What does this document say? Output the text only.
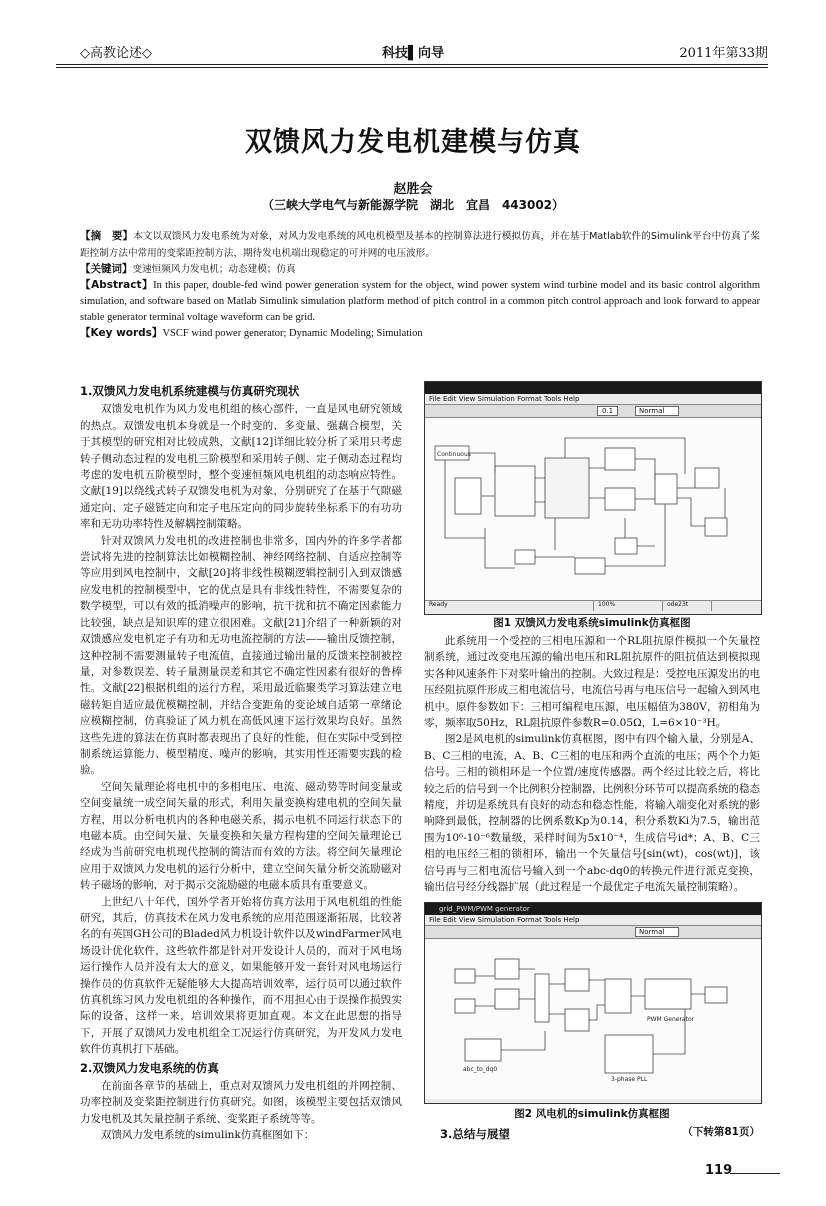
◇高教论述◇	科技▌向导	2011年第33期
双馈风力发电机建模与仿真
赵胜会
（三峡大学电气与新能源学院　湖北　宜昌　443002）
【摘　要】本文以双馈风力发电系统为对象，对风力发电系统的风电机模型及基本的控制算法进行模拟仿真，并在基于Matlab软件的Simulink平台中仿真了桨距控制方法中常用的变桨距控制方法，期待发电机端出现稳定的可并网的电压波形。
【关键词】变速恒频风力发电机；动态建模；仿真
【Abstract】In this paper, double-fed wind power generation system for the object, wind power system wind turbine model and its basic control algorithm simulation, and software based on Matlab Simulink simulation platform method of pitch control in a common pitch control approach and look forward to appear stable generator terminal voltage waveform can be grid.
【Key words】VSCF wind power generator; Dynamic Modeling; Simulation
1.双馈风力发电机系统建模与仿真研究现状

双馈发电机作为风力发电机组的核心部件，一直是风电研究领域的热点。双馈发电机本身就是一个时变的、多变量、强藕合模型，关于其模型的研究相对比较成熟，文献[12]详细比较分析了采用只考虑转子侧动态过程的发电机三阶模型和采用转子侧、定子侧动态过程均考虑的发电机五阶模型时，整个变速恒频风电机组的动态响应特性。文献[19]以绕线式转子双馈发电机为对象，分别研究了在基于气隙磁通定向、定子磁链定向和定子电压定向的同步旋转坐标系下的有功功率和无功功率特性及解耦控制策略。

针对双馈风力发电机的改进控制也非常多，国内外的许多学者都尝试将先进的控制算法比如模糊控制、神经网络控制、自适应控制等等应用到风电控制中，文献[20]将非线性模糊逻辑控制引入到双馈感应发电机的控制模型中，它的优点是具有非线性特性，不需要复杂的数学模型，可以有效的抵消噪声的影响，抗干扰和抗不确定因素能力比较强，缺点是知识库的建立很困难。文献[21]介绍了一种新颖的对双馈感应发电机定子有功和无功电流控制的方法——输出反馈控制，这种控制不需要测量转子电流值，直接通过输出量的反馈来控制被控量，对参数误差、转子量测量误差和其它不确定性因素有很好的鲁棒性。文献[22]根据机组的运行方程，采用最近临聚类学习算法建立电磁转矩自适应最优模糊控制，并结合变距角的变论域自适第一章绪论应模糊控制，仿真验证了风力机在高低风速下运行效果均良好。虽然这些先进的算法在仿真时都表现出了良好的性能，但在实际中受到控制系统运算能力、模型精度、噪声的影响，其实用性还需要实践的检验。

空间矢量理论将电机中的多相电压、电流、磁动势等时间变量或空间变量统一成空间矢量的形式，利用矢量变换构建电机的空间矢量方程，用以分析电机内的各种电磁关系，揭示电机不同运行状态下的电磁本质。由空间矢量、矢量变换和矢量方程构建的空间矢量理论已经成为当前研究电机现代控制的简洁而有效的方法。将空间矢量理论应用于双馈风力发电机的运行分析中，建立空间矢量分析交流励磁对转子磁场的影响，对于揭示交流励磁的电磁本质具有重要意义。

上世纪八十年代，国外学者开始将仿真方法用于风电机组的性能研究，其后，仿真技术在风力发电系统的应用范围逐渐拓展，比较著名的有英国GH公司的Bladed风力机设计软件以及windFarmer风电场设计优化软件，这些软件都是针对开发设计人员的，而对于风电场运行操作人员并没有太大的意义，如果能够开发一套针对风电场运行操作员的仿真软件无疑能够大大提高培训效率，运行员可以通过软件仿真机练习风力发电机组的各种操作，而不用担心由于误操作损毁实际的设备，这样一来，培训效果将更加直观。本文在此思想的指导下，开展了双馈风力发电机组全工况运行仿真研究，为开发风力发电软件仿真机打下基础。

2.双馈风力发电系统的仿真

在前面各章节的基础上，重点对双馈风力发电机组的并网控制、功率控制及变桨距控制进行仿真研究。如图，该模型主要包括双馈风力发电机及其矢量控制子系统、变桨距子系统等等。

双馈风力发电系统的simulink仿真框图如下：

File Edit View Simulation Format Tools Help
0.1	Normal
Continuous
Ready	100%	ode23t
图1 双馈风力发电系统simulink仿真框图

此系统用一个受控的三相电压源和一个RL阻抗原件模拟一个矢量控制系统，通过改变电压源的输出电压和RL阻抗原件的阻抗值达到模拟现实各种风速条件下对桨叶输出的控制。大致过程是：受控电压源发出的电压经阻抗原件形成三相电流信号，电流信号再与电压信号一起输入到风电机中。原件参数如下：三相可编程电压源，电压幅值为380V，初相角为零，频率取50Hz，RL阻抗原件参数R=0.05Ω，L=6×10⁻³H。

图2是风电机的simulink仿真框图，图中有四个输入量，分别是A、B、C三相的电流，A、B、C三相的电压和两个直流的电压；两个个力矩信号。三相的锁相环是一个位置/速度传感器。两个经过比较之后，将比较之后的信号到一个比例积分控制器，比例积分环节可以提高系统的稳态精度，并切是系统具有良好的动态和稳态性能，将输入端变化对系统的影响降到最低，控制器的比例系数Kp为0.14，积分系数Ki为7.5，输出范围为10⁶-10⁻⁶数量级，采样时间为5x10⁻⁴，生成信号id*；A、B、C三相的电压经三相的锁相环，输出一个矢量信号[sin(wt)，cos(wt)]，该信号再与三相电流信号输入到一个abc-dq0的转换元件进行派克变换，输出信号经分线器扩展（此过程是一个最优定子电流矢量控制策略）。

grid_PWM/PWM generator
File Edit View Simulation Format Tools Help
Normal
PWM Generator
3-phase PLL
abc_to_dq0
图2 风电机的simulink仿真框图
3.总结与展望	（下转第81页）
119
